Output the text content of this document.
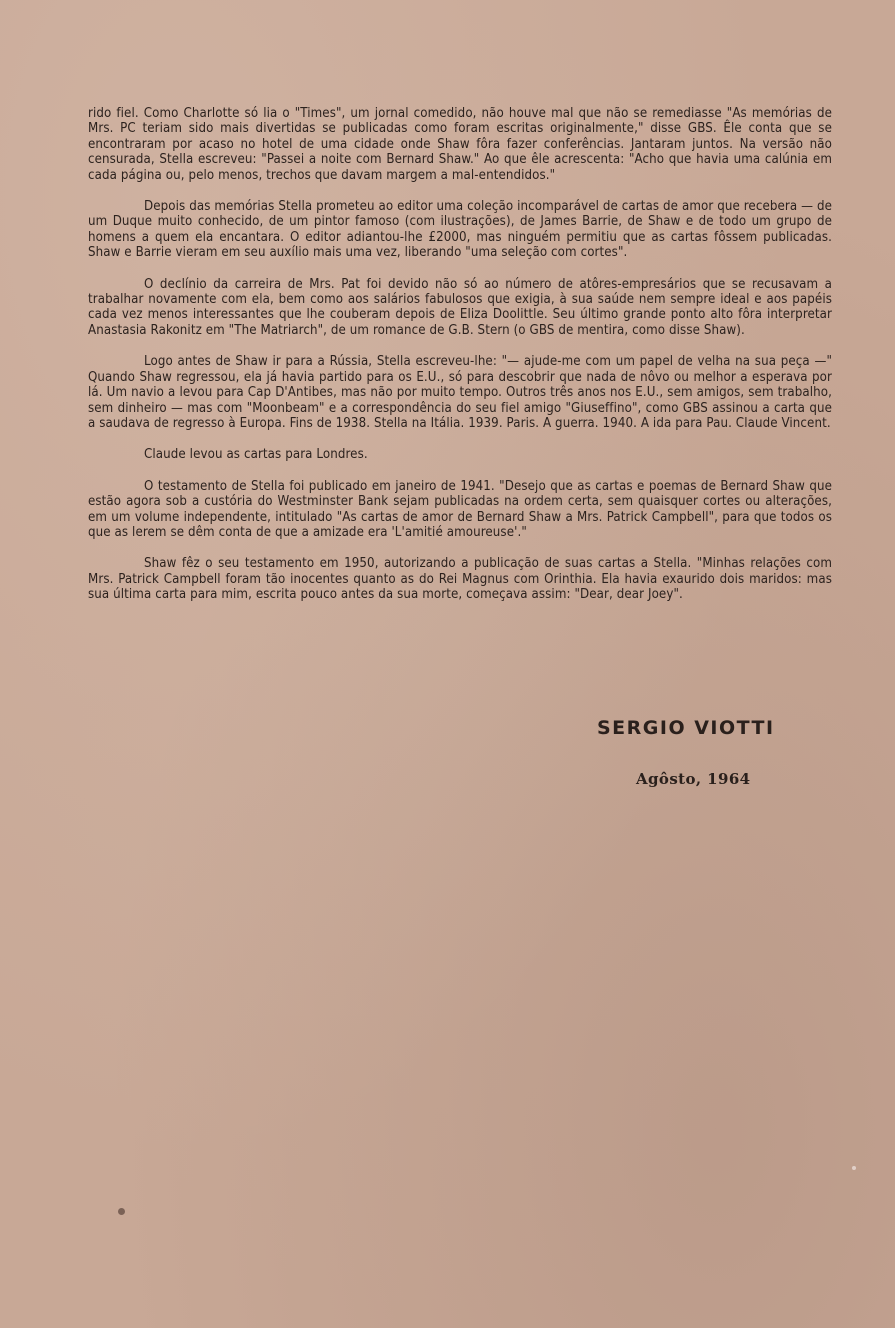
rido fiel. Como Charlotte só lia o "Times", um jornal comedido, não houve mal que não se remediasse "As memórias de Mrs. PC teriam sido mais divertidas se publicadas como foram escritas originalmente," disse GBS. Êle conta que se encontraram por acaso no hotel de uma cidade onde Shaw fôra fazer conferências. Jantaram juntos. Na versão não censurada, Stella escreveu: "Passei a noite com Bernard Shaw." Ao que êle acrescenta: "Acho que havia uma calúnia em cada página ou, pelo menos, trechos que davam margem a mal-entendidos."

Depois das memórias Stella prometeu ao editor uma coleção incomparável de cartas de amor que recebera — de um Duque muito conhecido, de um pintor famoso (com ilustrações), de James Barrie, de Shaw e de todo um grupo de homens a quem ela encantara. O editor adiantou-lhe £2000, mas ninguém permitiu que as cartas fôssem publicadas. Shaw e Barrie vieram em seu auxílio mais uma vez, liberando "uma seleção com cortes".

O declínio da carreira de Mrs. Pat foi devido não só ao número de atôres-empresários que se recusavam a trabalhar novamente com ela, bem como aos salários fabulosos que exigia, à sua saúde nem sempre ideal e aos papéis cada vez menos interessantes que lhe couberam depois de Eliza Doolittle. Seu último grande ponto alto fôra interpretar Anastasia Rakonitz em "The Matriarch", de um romance de G.B. Stern (o GBS de mentira, como disse Shaw).

Logo antes de Shaw ir para a Rússia, Stella escreveu-lhe: "— ajude-me com um papel de velha na sua peça —" Quando Shaw regressou, ela já havia partido para os E.U., só para descobrir que nada de nôvo ou melhor a esperava por lá. Um navio a levou para Cap D'Antibes, mas não por muito tempo. Outros três anos nos E.U., sem amigos, sem trabalho, sem dinheiro — mas com "Moonbeam" e a correspondência do seu fiel amigo "Giuseffino", como GBS assinou a carta que a saudava de regresso à Europa. Fins de 1938. Stella na Itália. 1939. Paris. A guerra. 1940. A ida para Pau. Claude Vincent.

Claude levou as cartas para Londres.

O testamento de Stella foi publicado em janeiro de 1941. "Desejo que as cartas e poemas de Bernard Shaw que estão agora sob a custória do Westminster Bank sejam publicadas na ordem certa, sem quaisquer cortes ou alterações, em um volume independente, intitulado "As cartas de amor de Bernard Shaw a Mrs. Patrick Campbell", para que todos os que as lerem se dêm conta de que a amizade era 'L'amitié amoureuse'."

Shaw fêz o seu testamento em 1950, autorizando a publicação de suas cartas a Stella. "Minhas relações com Mrs. Patrick Campbell foram tão inocentes quanto as do Rei Magnus com Orinthia. Ela havia exaurido dois maridos: mas sua última carta para mim, escrita pouco antes da sua morte, começava assim: "Dear, dear Joey".

SERGIO VIOTTI
Agôsto, 1964
